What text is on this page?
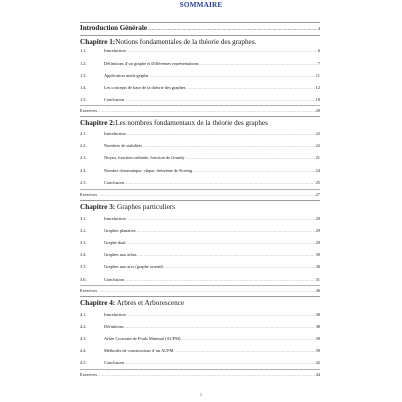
SOMMAIRE
Introduction Générale .....	4
Chapitre 1:Notions fondamentales de la théorie des graphes.
1.1.	Introduction .....	6
1.2.	Définitions d’un graphe et Différentes représentations .....	7
1.3.	Application multi-graphe .....	11
1.4.	Les concepts de base de la théorie des graphes .....	12
1.5.	Conclusion .....	18
Exercices .....	20
Chapitre 2:Les nombres fondamentaux de la théorie des graphes
2.1.	Introduction .....	22
2.2.	Nombres de stabilités .....	22
2.3.	Noyau, fonction ordinale, fonction de Grundy .....	21
2.4.	Nombre chromatique, clique, théorème de Koenig .....	24
2.5.	Conclusion .....	25
Exercices .....	27
Chapitre 3: Graphes particuliers
3.1.	Introduction .....	29
3.2.	Graphes planaires .....	29
3.3.	Graphe dual .....	29
3.4.	Graphes aux arbas .....	30
3.5.	Graphes aux arcs (graphe orienté) .....	30
3.6.	Conclusion .....	31
Exercices .....	36
Chapitre 4: Arbres et Arborescence
4.1.	Introduction .....	38
4.2.	Définitions .....	38
4.3.	Arbre Couvrant de Poids Minimal (ACPM) .....	39
4.4.	Méthodes de constructions d’un ACPM .....	39
4.5.	Conclusion .....	42
Exercices .....	44
1
